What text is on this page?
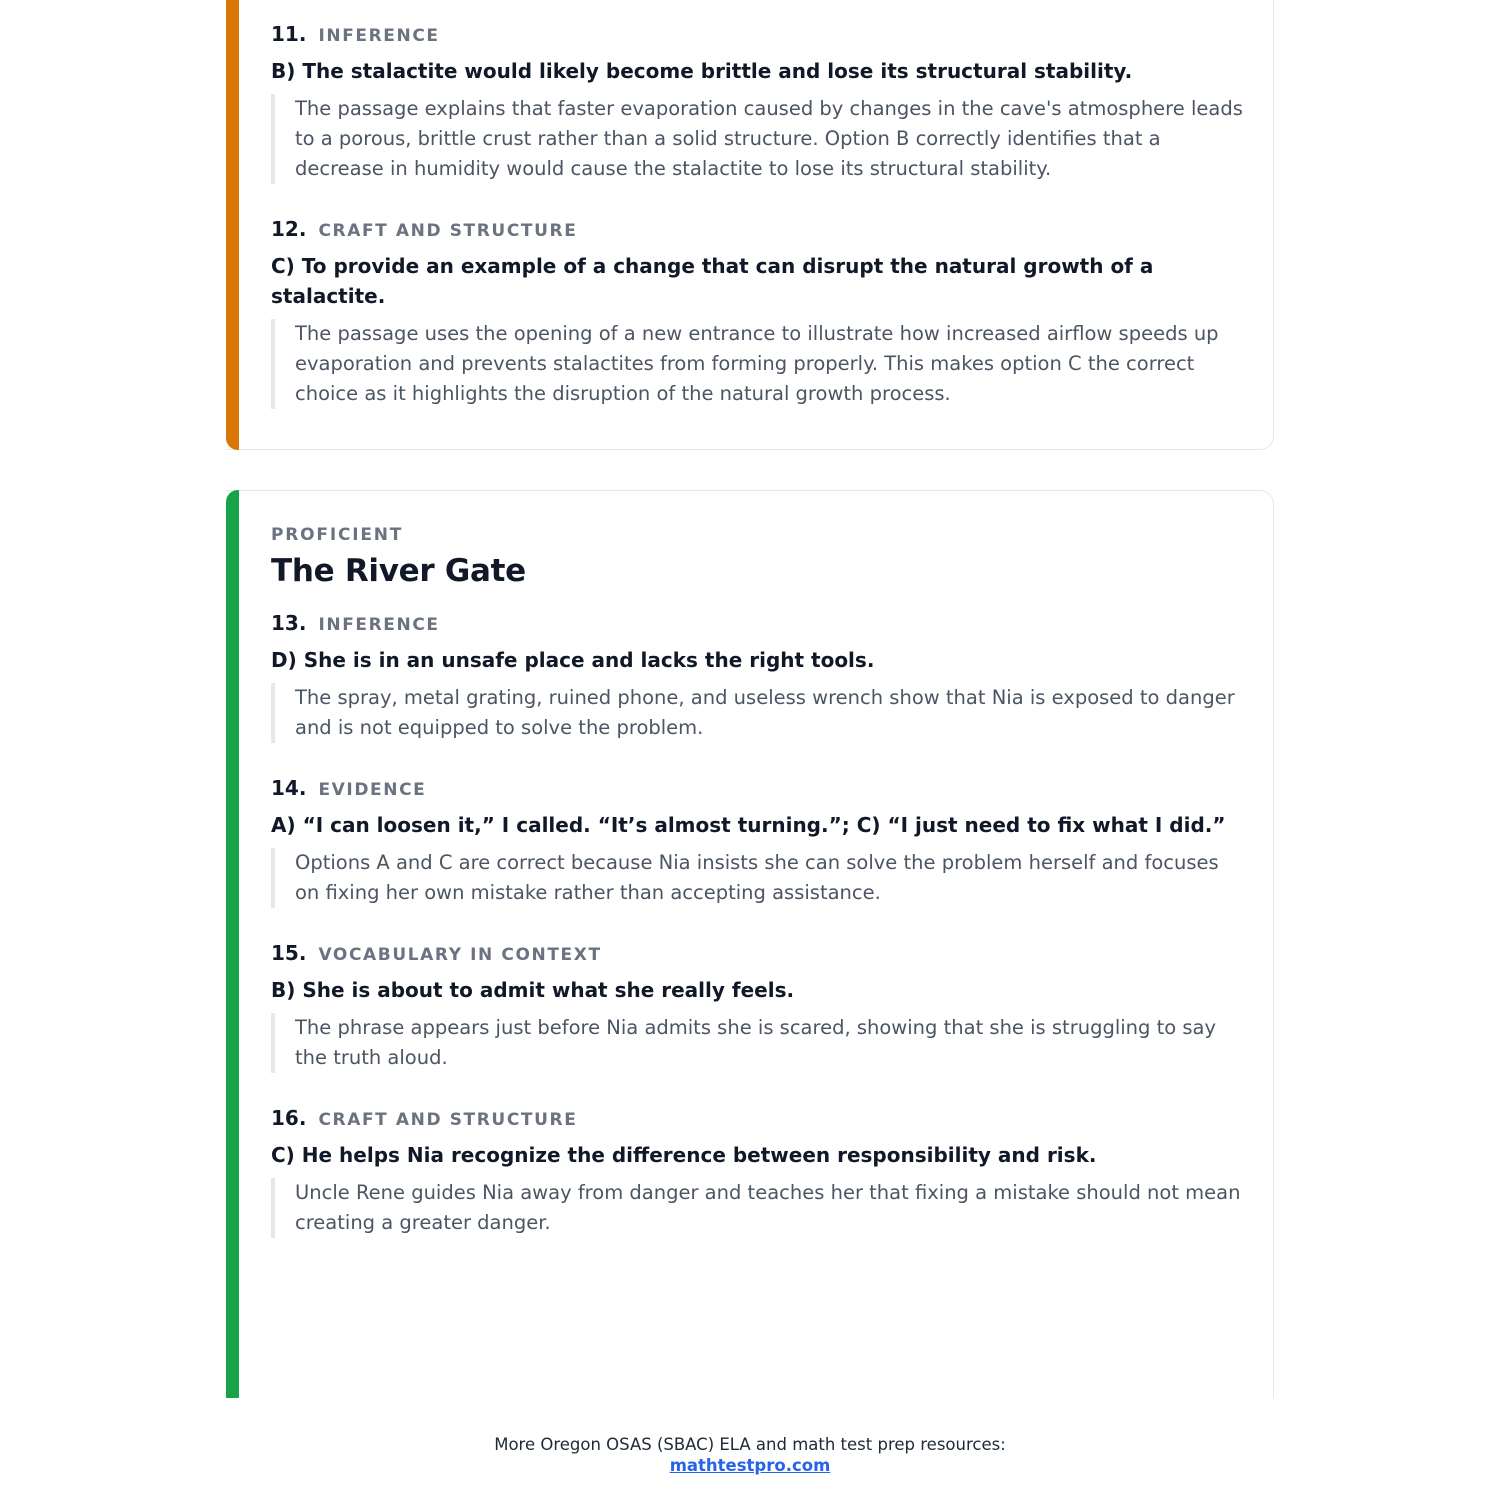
11. INFERENCE
B) The stalactite would likely become brittle and lose its structural stability.
The passage explains that faster evaporation caused by changes in the cave's atmosphere leads to a porous, brittle crust rather than a solid structure. Option B correctly identifies that a decrease in humidity would cause the stalactite to lose its structural stability.
12. CRAFT AND STRUCTURE
C) To provide an example of a change that can disrupt the natural growth of a stalactite.
The passage uses the opening of a new entrance to illustrate how increased airflow speeds up evaporation and prevents stalactites from forming properly. This makes option C the correct choice as it highlights the disruption of the natural growth process.
PROFICIENT
The River Gate
13. INFERENCE
D) She is in an unsafe place and lacks the right tools.
The spray, metal grating, ruined phone, and useless wrench show that Nia is exposed to danger and is not equipped to solve the problem.
14. EVIDENCE
A) “I can loosen it,” I called. “It’s almost turning.”; C) “I just need to fix what I did.”
Options A and C are correct because Nia insists she can solve the problem herself and focuses on fixing her own mistake rather than accepting assistance.
15. VOCABULARY IN CONTEXT
B) She is about to admit what she really feels.
The phrase appears just before Nia admits she is scared, showing that she is struggling to say the truth aloud.
16. CRAFT AND STRUCTURE
C) He helps Nia recognize the difference between responsibility and risk.
Uncle Rene guides Nia away from danger and teaches her that fixing a mistake should not mean creating a greater danger.
More Oregon OSAS (SBAC) ELA and math test prep resources:
mathtestpro.com
